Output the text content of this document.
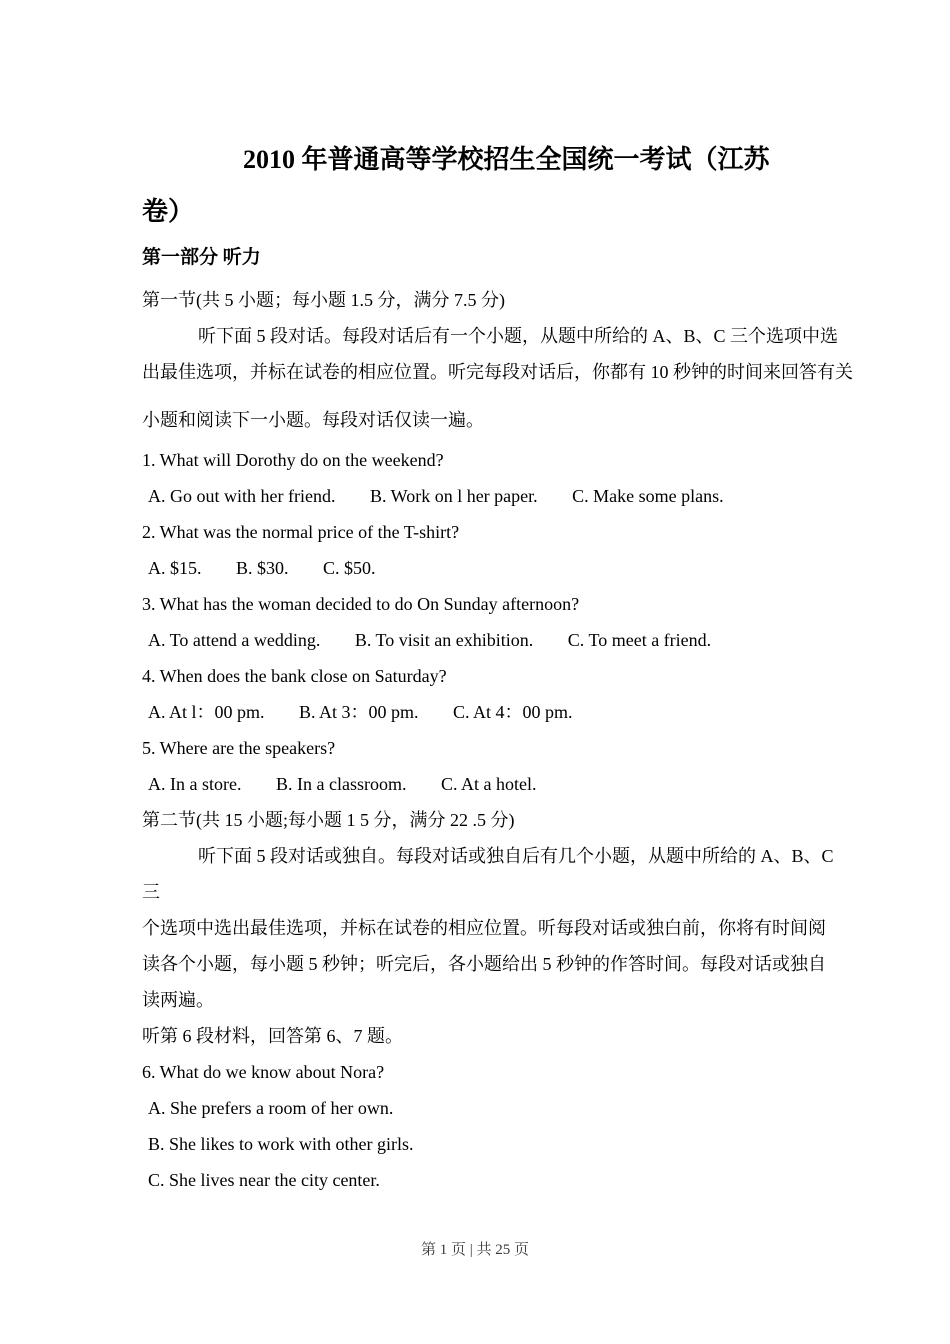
2010 年普通高等学校招生全国统一考试（江苏
卷）
第一部分 听力
第一节(共 5 小题；每小题 1.5 分，满分 7.5 分)
听下面 5 段对话。每段对话后有一个小题，从题中所给的 A、B、C 三个选项中选
出最佳选项，并标在试卷的相应位置。听完每段对话后，你都有 10 秒钟的时间来回答有关
小题和阅读下一小题。每段对话仅读一遍。
1. What will Dorothy do on the weekend?
A. Go out with her friend. B. Work on l her paper. C. Make some plans.
2. What was the normal price of the T-shirt?
A. $15. B. $30. C. $50.
3. What has the woman decided to do On Sunday afternoon?
A. To attend a wedding. B. To visit an exhibition. C. To meet a friend.
4. When does the bank close on Saturday?
A. At l：00 pm. B. At 3：00 pm. C. At 4：00 pm.
5. Where are the speakers?
A. In a store. B. In a classroom. C. At a hotel.
第二节(共 15 小题;每小题 1 5 分，满分 22 .5 分)
听下面 5 段对话或独自。每段对话或独自后有几个小题，从题中所给的 A、B、C
三
个选项中选出最佳选项，并标在试卷的相应位置。听每段对话或独白前，你将有时间阅
读各个小题，每小题 5 秒钟；听完后，各小题给出 5 秒钟的作答时间。每段对话或独自
读两遍。
听第 6 段材料，回答第 6、7 题。
6. What do we know about Nora?
A. She prefers a room of her own.
B. She likes to work with other girls.
C. She lives near the city center.
第 1 页 | 共 25 页
